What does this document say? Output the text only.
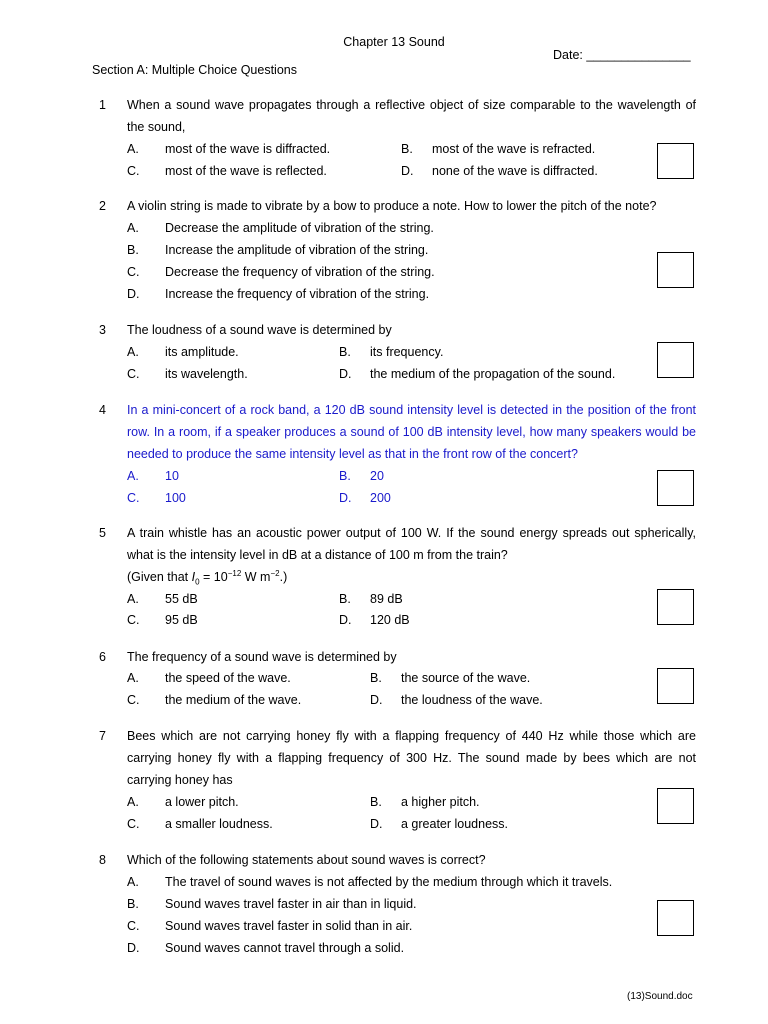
Chapter 13 Sound
Date: _______________
Section A: Multiple Choice Questions
1 When a sound wave propagates through a reflective object of size comparable to the wavelength of the sound,
A. most of the wave is diffracted.	B. most of the wave is refracted.
C. most of the wave is reflected.	D. none of the wave is diffracted.
2 A violin string is made to vibrate by a bow to produce a note. How to lower the pitch of the note?
A. Decrease the amplitude of vibration of the string.
B. Increase the amplitude of vibration of the string.
C. Decrease the frequency of vibration of the string.
D. Increase the frequency of vibration of the string.
3 The loudness of a sound wave is determined by
A. its amplitude.	B. its frequency.
C. its wavelength.	D. the medium of the propagation of the sound.
4 In a mini-concert of a rock band, a 120 dB sound intensity level is detected in the position of the front row. In a room, if a speaker produces a sound of 100 dB intensity level, how many speakers would be needed to produce the same intensity level as that in the front row of the concert?
A. 10	B. 20
C. 100	D. 200
5 A train whistle has an acoustic power output of 100 W. If the sound energy spreads out spherically, what is the intensity level in dB at a distance of 100 m from the train?
(Given that $I_0 = 10^{-12}$ W $m^{-2}$.)
A. 55 dB	B. 89 dB
C. 95 dB	D. 120 dB
6 The frequency of a sound wave is determined by
A. the speed of the wave.	B. the source of the wave.
C. the medium of the wave.	D. the loudness of the wave.
7 Bees which are not carrying honey fly with a flapping frequency of 440 Hz while those which are carrying honey fly with a flapping frequency of 300 Hz. The sound made by bees which are not carrying honey has
A. a lower pitch.	B. a higher pitch.
C. a smaller loudness.	D. a greater loudness.
8 Which of the following statements about sound waves is correct?
A. The travel of sound waves is not affected by the medium through which it travels.
B. Sound waves travel faster in air than in liquid.
C. Sound waves travel faster in solid than in air.
D. Sound waves cannot travel through a solid.
(13)Sound.doc
